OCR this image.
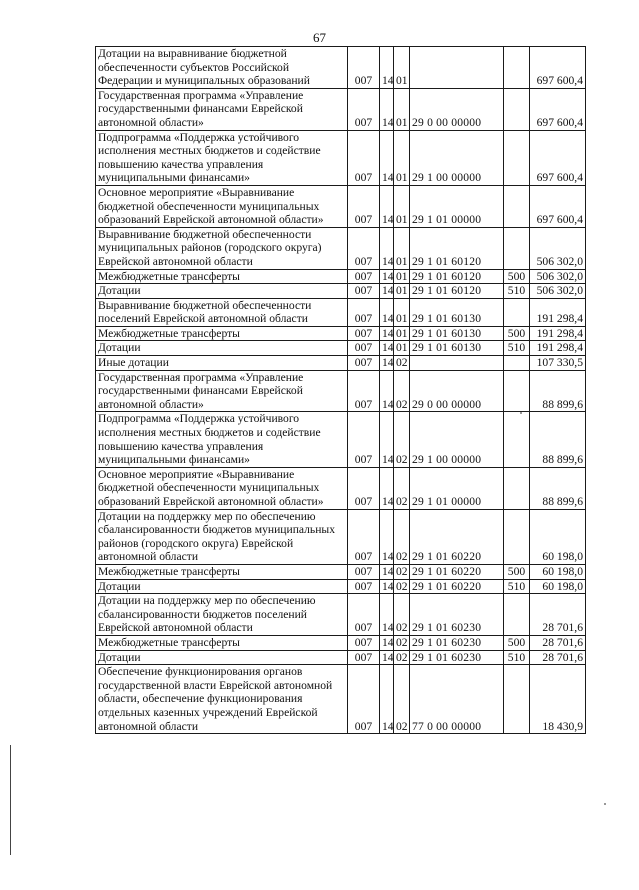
67
Дотации на выравнивание бюджетной обеспеченности субъектов Российской Федерации и муниципальных образований	007	14	01			697 600,4
Государственная программа «Управление государственными финансами Еврейской автономной области»	007	14	01	29 0 00 00000		697 600,4
Подпрограмма «Поддержка устойчивого исполнения местных бюджетов и содействие повышению качества управления муниципальными финансами»	007	14	01	29 1 00 00000		697 600,4
Основное мероприятие «Выравнивание бюджетной обеспеченности муниципальных образований Еврейской автономной области»	007	14	01	29 1 01 00000		697 600,4
Выравнивание бюджетной обеспеченности муниципальных районов (городского округа) Еврейской автономной области	007	14	01	29 1 01 60120		506 302,0
Межбюджетные трансферты	007	14	01	29 1 01 60120	500	506 302,0
Дотации	007	14	01	29 1 01 60120	510	506 302,0
Выравнивание бюджетной обеспеченности поселений Еврейской автономной области	007	14	01	29 1 01 60130		191 298,4
Межбюджетные трансферты	007	14	01	29 1 01 60130	500	191 298,4
Дотации	007	14	01	29 1 01 60130	510	191 298,4
Иные дотации	007	14	02			107 330,5
Государственная программа «Управление государственными финансами Еврейской автономной области»	007	14	02	29 0 00 00000		88 899,6
Подпрограмма «Поддержка устойчивого исполнения местных бюджетов и содействие повышению качества управления муниципальными финансами»	007	14	02	29 1 00 00000		88 899,6
Основное мероприятие «Выравнивание бюджетной обеспеченности муниципальных образований Еврейской автономной области»	007	14	02	29 1 01 00000		88 899,6
Дотации на поддержку мер по обеспечению сбалансированности бюджетов муниципальных районов (городского округа) Еврейской автономной области	007	14	02	29 1 01 60220		60 198,0
Межбюджетные трансферты	007	14	02	29 1 01 60220	500	60 198,0
Дотации	007	14	02	29 1 01 60220	510	60 198,0
Дотации на поддержку мер по обеспечению сбалансированности бюджетов поселений Еврейской автономной области	007	14	02	29 1 01 60230		28 701,6
Межбюджетные трансферты	007	14	02	29 1 01 60230	500	28 701,6
Дотации	007	14	02	29 1 01 60230	510	28 701,6
Обеспечение функционирования органов государственной власти Еврейской автономной области, обеспечение функционирования отдельных казенных учреждений Еврейской автономной области	007	14	02	77 0 00 00000		18 430,9
